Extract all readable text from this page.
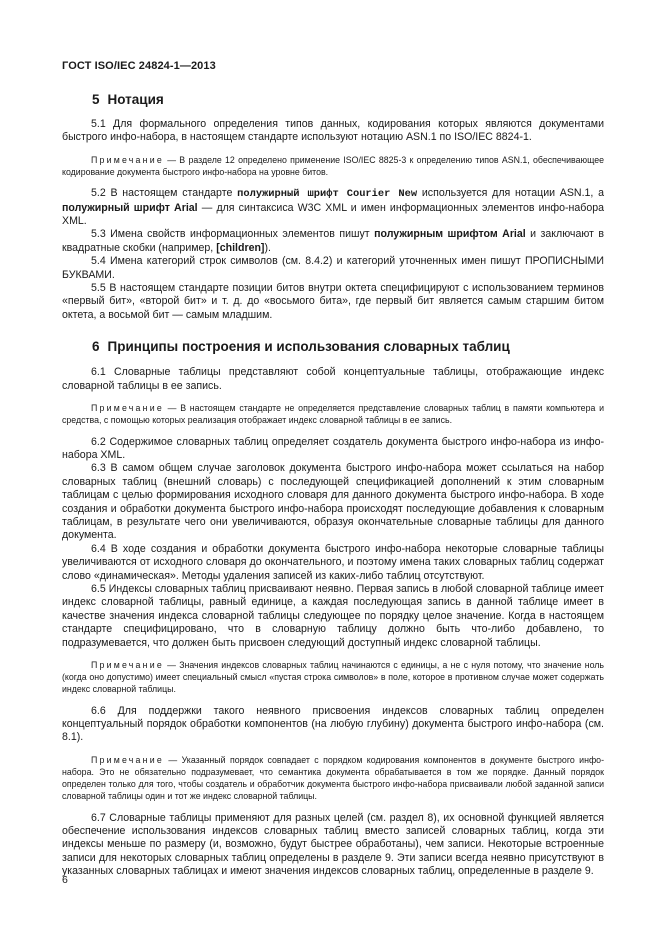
ГОСТ ISO/IEC 24824-1—2013
5 Нотация

5.1 Для формального определения типов данных, кодирования которых являются документами быстрого инфо-набора, в настоящем стандарте используют нотацию ASN.1 по ISO/IEC 8824-1.

Примечание — В разделе 12 определено применение ISO/IEC 8825-3 к определению типов ASN.1, обеспечивающее кодирование документа быстрого инфо-набора на уровне битов.

5.2 В настоящем стандарте полужирный шрифт Courier New используется для нотации ASN.1, а полужирный шрифт Arial — для синтаксиса W3C XML и имен информационных элементов инфо-набора XML.

5.3 Имена свойств информационных элементов пишут полужирным шрифтом Arial и заключают в квадратные скобки (например, [children]).

5.4 Имена категорий строк символов (см. 8.4.2) и категорий уточненных имен пишут ПРОПИСНЫМИ БУКВАМИ.

5.5 В настоящем стандарте позиции битов внутри октета специфицируют с использованием терминов «первый бит», «второй бит» и т. д. до «восьмого бита», где первый бит является самым старшим битом октета, а восьмой бит — самым младшим.

6 Принципы построения и использования словарных таблиц

6.1 Словарные таблицы представляют собой концептуальные таблицы, отображающие индекс словарной таблицы в ее запись.

Примечание — В настоящем стандарте не определяется представление словарных таблиц в памяти компьютера и средства, с помощью которых реализация отображает индекс словарной таблицы в ее запись.

6.2 Содержимое словарных таблиц определяет создатель документа быстрого инфо-набора из инфо-набора XML.

6.3 В самом общем случае заголовок документа быстрого инфо-набора может ссылаться на набор словарных таблиц (внешний словарь) с последующей спецификацией дополнений к этим словарным таблицам с целью формирования исходного словаря для данного документа быстрого инфо-набора. В ходе создания и обработки документа быстрого инфо-набора происходят последующие добавления к словарным таблицам, в результате чего они увеличиваются, образуя окончательные словарные таблицы для данного документа.

6.4 В ходе создания и обработки документа быстрого инфо-набора некоторые словарные таблицы увеличиваются от исходного словаря до окончательного, и поэтому имена таких словарных таблиц содержат слово «динамическая». Методы удаления записей из каких-либо таблиц отсутствуют.

6.5 Индексы словарных таблиц присваивают неявно. Первая запись в любой словарной таблице имеет индекс словарной таблицы, равный единице, а каждая последующая запись в данной таблице имеет в качестве значения индекса словарной таблицы следующее по порядку целое значение. Когда в настоящем стандарте специфицировано, что в словарную таблицу должно быть что-либо добавлено, то подразумевается, что должен быть присвоен следующий доступный индекс словарной таблицы.

Примечание — Значения индексов словарных таблиц начинаются с единицы, а не с нуля потому, что значение ноль (когда оно допустимо) имеет специальный смысл «пустая строка символов» в поле, которое в противном случае может содержать индекс словарной таблицы.

6.6 Для поддержки такого неявного присвоения индексов словарных таблиц определен концептуальный порядок обработки компонентов (на любую глубину) документа быстрого инфо-набора (см. 8.1).

Примечание — Указанный порядок совпадает с порядком кодирования компонентов в документе быстрого инфо-набора. Это не обязательно подразумевает, что семантика документа обрабатывается в том же порядке. Данный порядок определен только для того, чтобы создатель и обработчик документа быстрого инфо-набора присваивали любой заданной записи словарной таблицы один и тот же индекс словарной таблицы.

6.7 Словарные таблицы применяют для разных целей (см. раздел 8), их основной функцией является обеспечение использования индексов словарных таблиц вместо записей словарных таблиц, когда эти индексы меньше по размеру (и, возможно, будут быстрее обработаны), чем записи. Некоторые встроенные записи для некоторых словарных таблиц определены в разделе 9. Эти записи всегда неявно присутствуют в указанных словарных таблицах и имеют значения индексов словарных таблиц, определенные в разделе 9.

6
